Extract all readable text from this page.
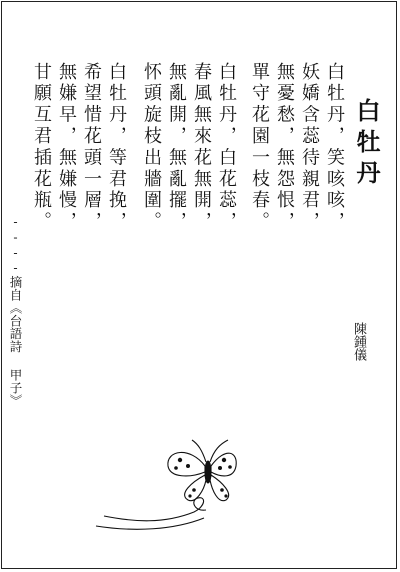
白牡丹
陳鍾儀
白牡丹，笑咳咳，
妖嬌含蕊待親君，
無憂愁，無怨恨，
單守花園一枝春。
白牡丹，白花蕊，
春風無來花無開，
無亂開，無亂擺，
怀頭旋枝出牆圍。
白牡丹，等君挽，
希望惜花頭一層，
無嫌早，無嫌慢，
甘願互君插花瓶。
----摘自《台語詩 甲子》
